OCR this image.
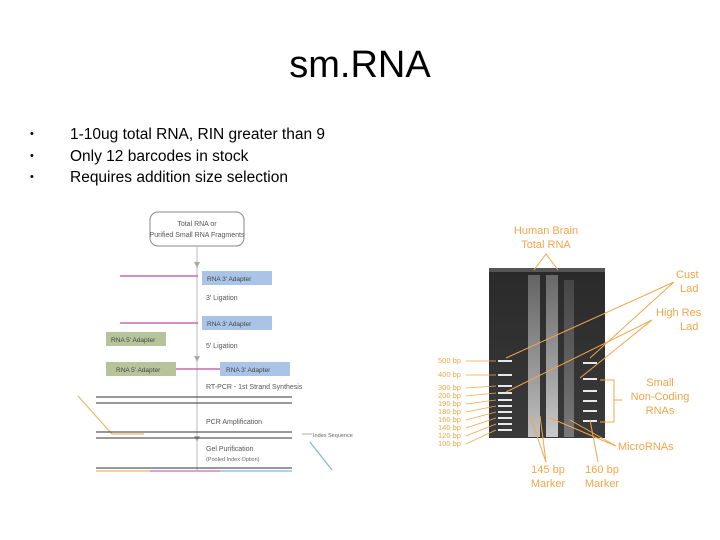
sm.RNA
• 1-10ug total RNA, RIN greater than 9
• Only 12 barcodes in stock
• Requires addition size selection
Total RNA or
Purified Small RNA Fragments
RNA 3' Adapter
3' Ligation
RNA 3' Adapter
RNA 5' Adapter
5' Ligation
RNA 5' Adapter	RNA 3' Adapter
RT-PCR - 1st Strand Synthesis
PCR Amplification
Index Sequence
Gel Purification
(Pooled Index Option)
500 bp
400 bp
300 bp
200 bp
190 bp
180 bp
160 bp
140 bp
120 bp
100 bp
Human Brain
Total RNA
Cust
Lad
High Res
Lad
Small
Non-Coding
RNAs
MicroRNAs
145 bp
Marker
160 bp
Marker
